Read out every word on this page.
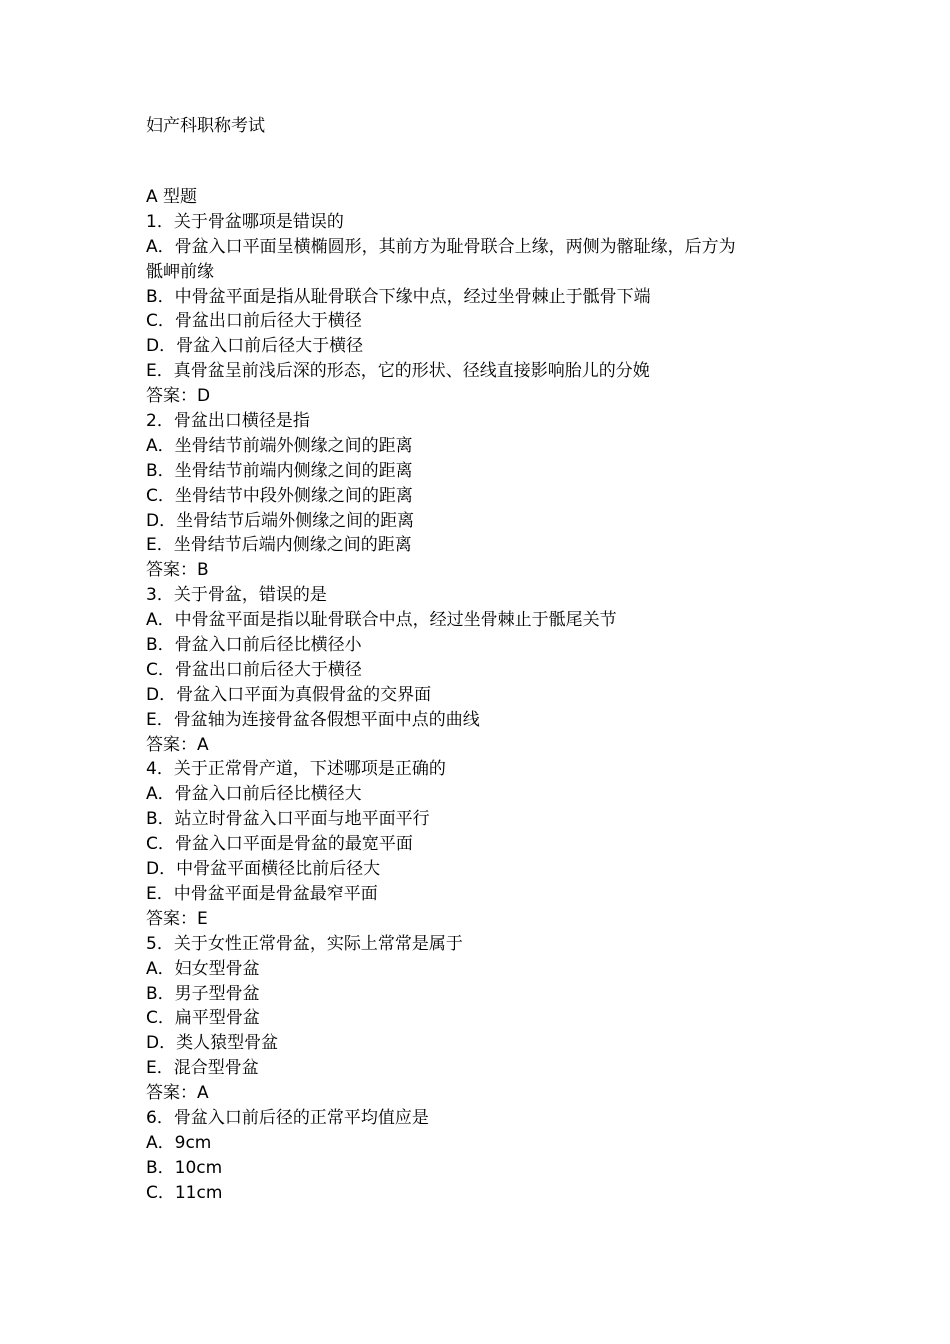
妇产科职称考试
A 型题
1．关于骨盆哪项是错误的
A．骨盆入口平面呈横椭圆形，其前方为耻骨联合上缘，两侧为髂耻缘，后方为
骶岬前缘
B．中骨盆平面是指从耻骨联合下缘中点，经过坐骨棘止于骶骨下端
C．骨盆出口前后径大于横径
D．骨盆入口前后径大于横径
E．真骨盆呈前浅后深的形态，它的形状、径线直接影响胎儿的分娩
答案：D
2．骨盆出口横径是指
A．坐骨结节前端外侧缘之间的距离
B．坐骨结节前端内侧缘之间的距离
C．坐骨结节中段外侧缘之间的距离
D．坐骨结节后端外侧缘之间的距离
E．坐骨结节后端内侧缘之间的距离
答案：B
3．关于骨盆，错误的是
A．中骨盆平面是指以耻骨联合中点，经过坐骨棘止于骶尾关节
B．骨盆入口前后径比横径小
C．骨盆出口前后径大于横径
D．骨盆入口平面为真假骨盆的交界面
E．骨盆轴为连接骨盆各假想平面中点的曲线
答案：A
4．关于正常骨产道，下述哪项是正确的
A．骨盆入口前后径比横径大
B．站立时骨盆入口平面与地平面平行
C．骨盆入口平面是骨盆的最宽平面
D．中骨盆平面横径比前后径大
E．中骨盆平面是骨盆最窄平面
答案：E
5．关于女性正常骨盆，实际上常常是属于
A．妇女型骨盆
B．男子型骨盆
C．扁平型骨盆
D．类人猿型骨盆
E．混合型骨盆
答案：A
6．骨盆入口前后径的正常平均值应是
A．9cm
B．10cm
C．11cm
